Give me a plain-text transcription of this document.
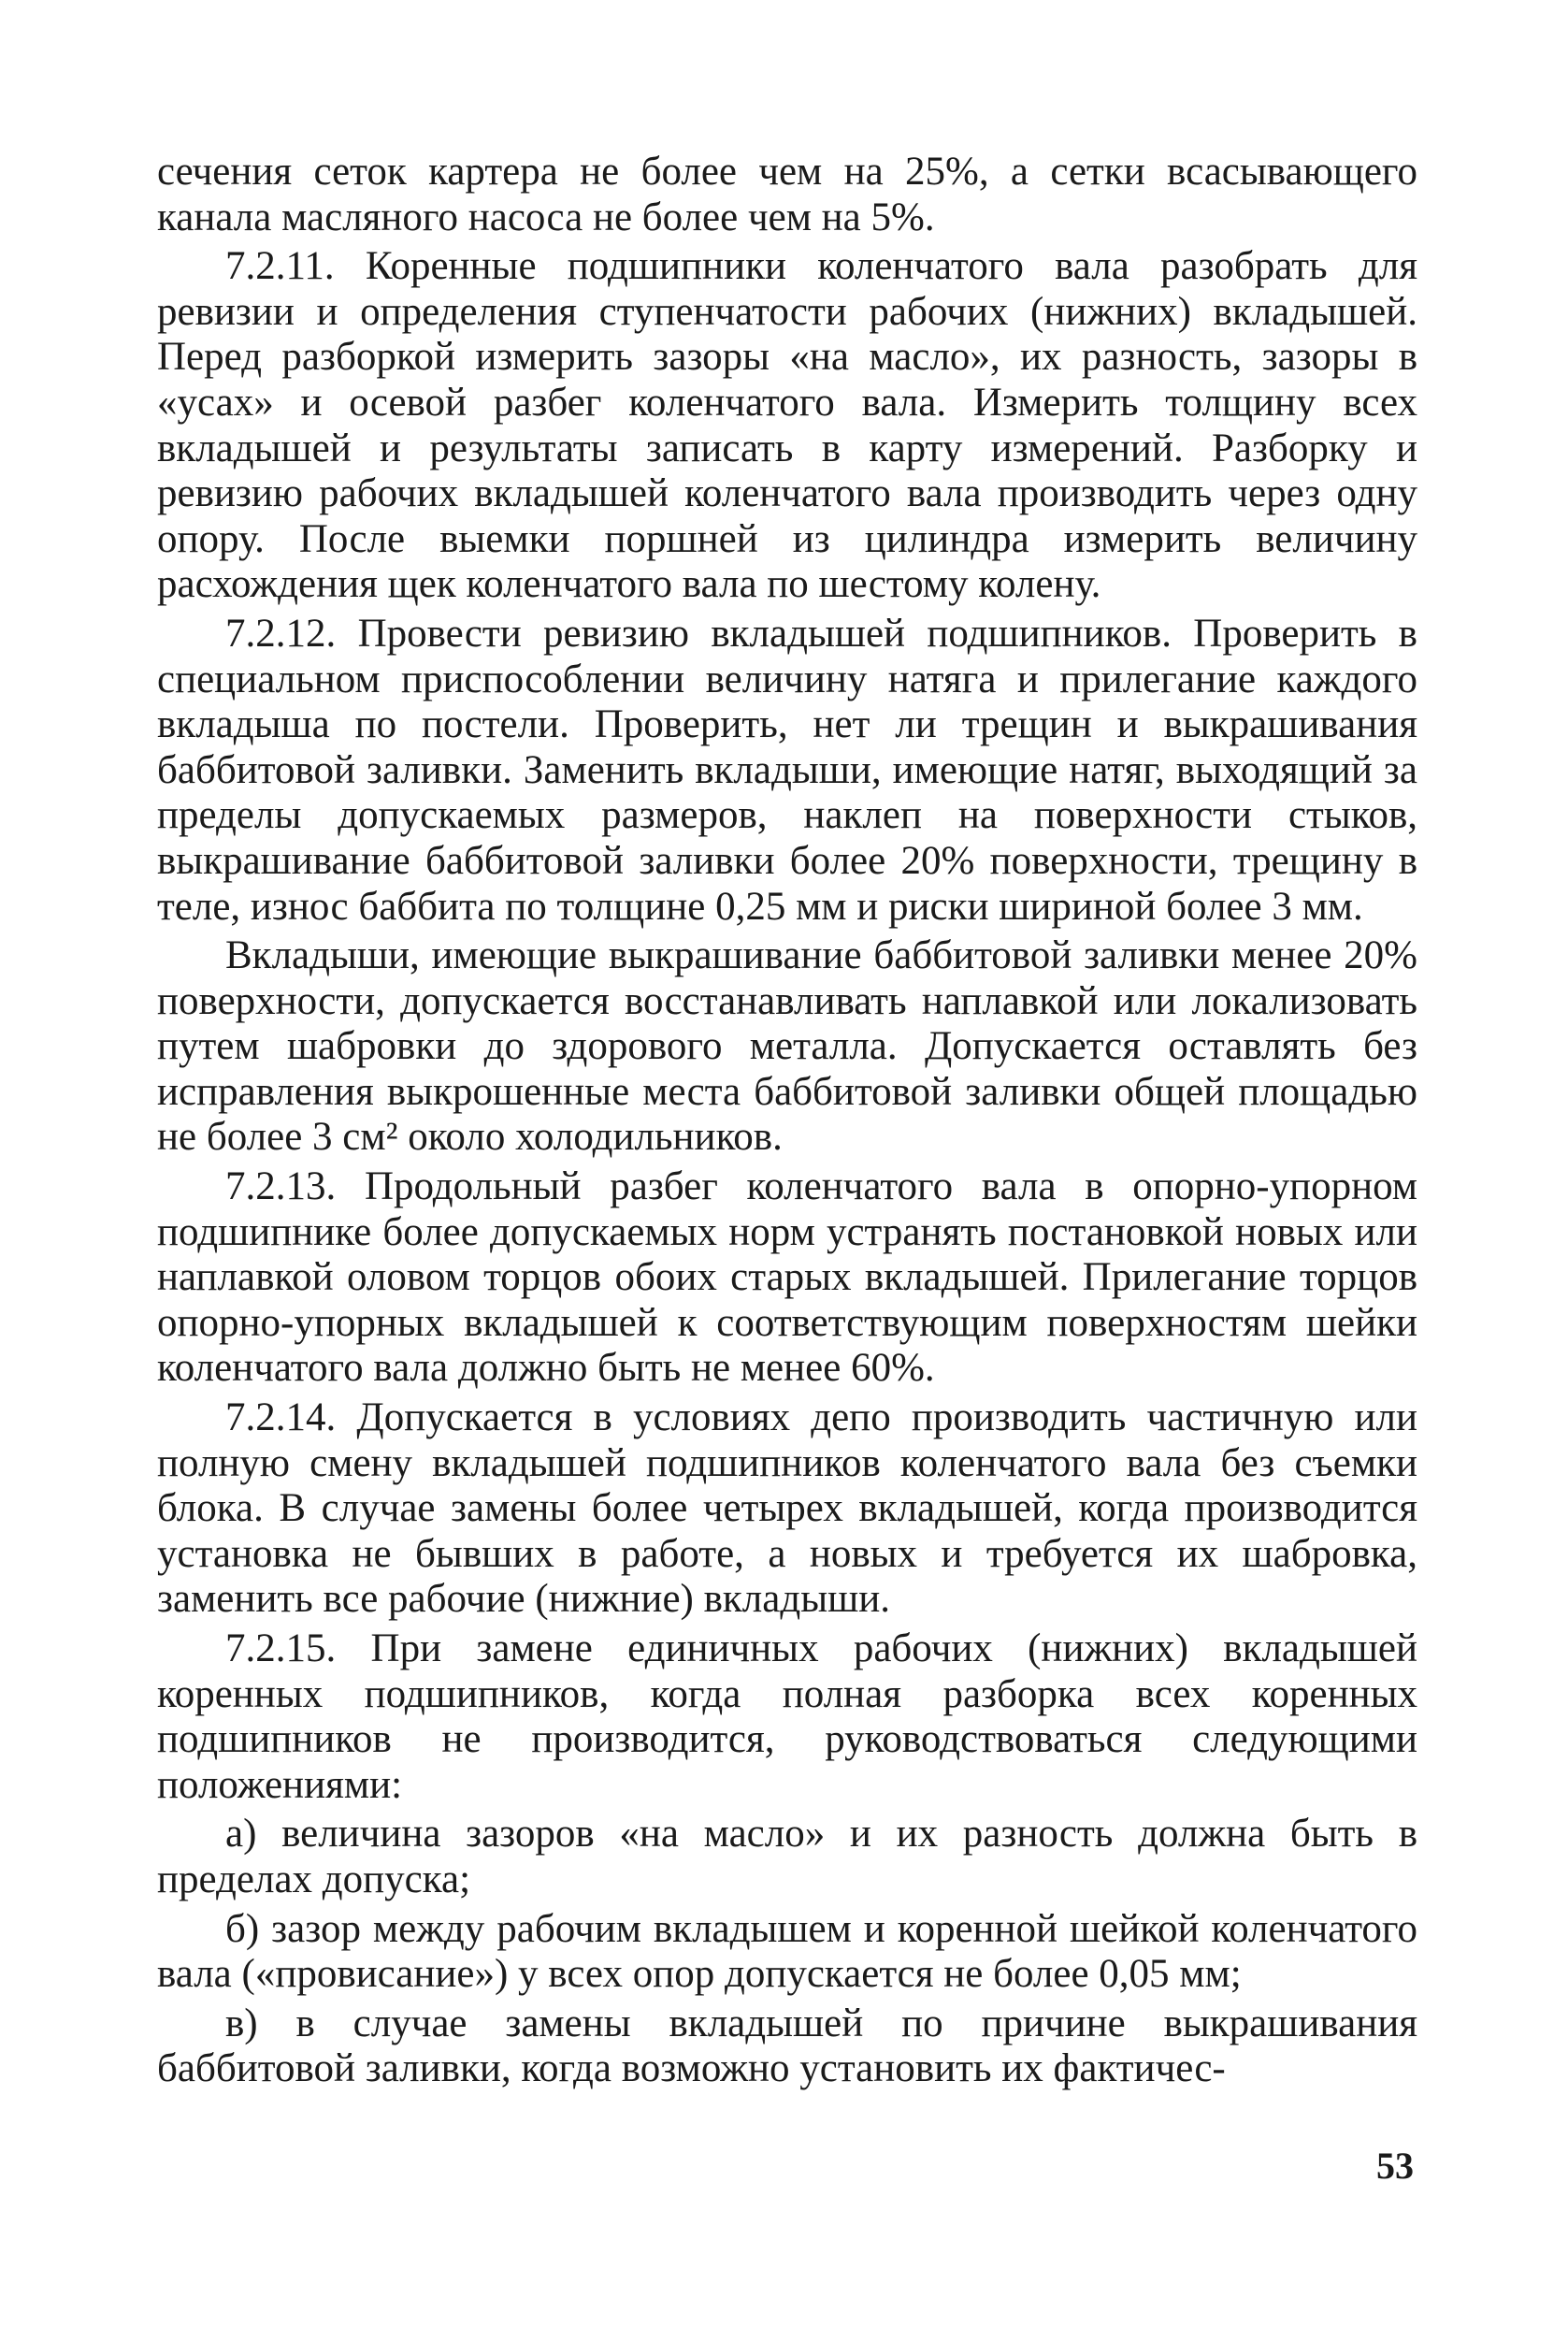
сечения сеток картера не более чем на 25%, а сетки всасывающего канала масляного насоса не более чем на 5%.

7.2.11. Коренные подшипники коленчатого вала разобрать для ревизии и определения ступенчатости рабочих (нижних) вкладышей. Перед разборкой измерить зазоры «на масло», их разность, зазоры в «усах» и осевой разбег коленчатого вала. Измерить толщину всех вкладышей и результаты записать в карту измерений. Разборку и ревизию рабочих вкладышей коленчатого вала производить через одну опору. После выемки поршней из цилиндра измерить величину расхождения щек коленчатого вала по шестому колену.

7.2.12. Провести ревизию вкладышей подшипников. Проверить в специальном приспособлении величину натяга и прилегание каждого вкладыша по постели. Проверить, нет ли трещин и выкрашивания баббитовой заливки. Заменить вкладыши, имеющие натяг, выходящий за пределы допускаемых размеров, наклеп на поверхности стыков, выкрашивание баббитовой заливки более 20% поверхности, трещину в теле, износ баббита по толщине 0,25 мм и риски шириной более 3 мм.

Вкладыши, имеющие выкрашивание баббитовой заливки менее 20% поверхности, допускается восстанавливать наплавкой или локализовать путем шабровки до здорового металла. Допускается оставлять без исправления выкрошенные места баббитовой заливки общей площадью не более 3 см² около холодильников.

7.2.13. Продольный разбег коленчатого вала в опорно-упорном подшипнике более допускаемых норм устранять постановкой новых или наплавкой оловом торцов обоих старых вкладышей. Прилегание торцов опорно-упорных вкладышей к соответствующим поверхностям шейки коленчатого вала должно быть не менее 60%.

7.2.14. Допускается в условиях депо производить частичную или полную смену вкладышей подшипников коленчатого вала без съемки блока. В случае замены более четырех вкладышей, когда производится установка не бывших в работе, а новых и требуется их шабровка, заменить все рабочие (нижние) вкладыши.

7.2.15. При замене единичных рабочих (нижних) вкладышей коренных подшипников, когда полная разборка всех коренных подшипников не производится, руководствоваться следующими положениями:

а) величина зазоров «на масло» и их разность должна быть в пределах допуска;

б) зазор между рабочим вкладышем и коренной шейкой коленчатого вала («провисание») у всех опор допускается не более 0,05 мм;

в) в случае замены вкладышей по причине выкрашивания баббитовой заливки, когда возможно установить их фактичес-

53
